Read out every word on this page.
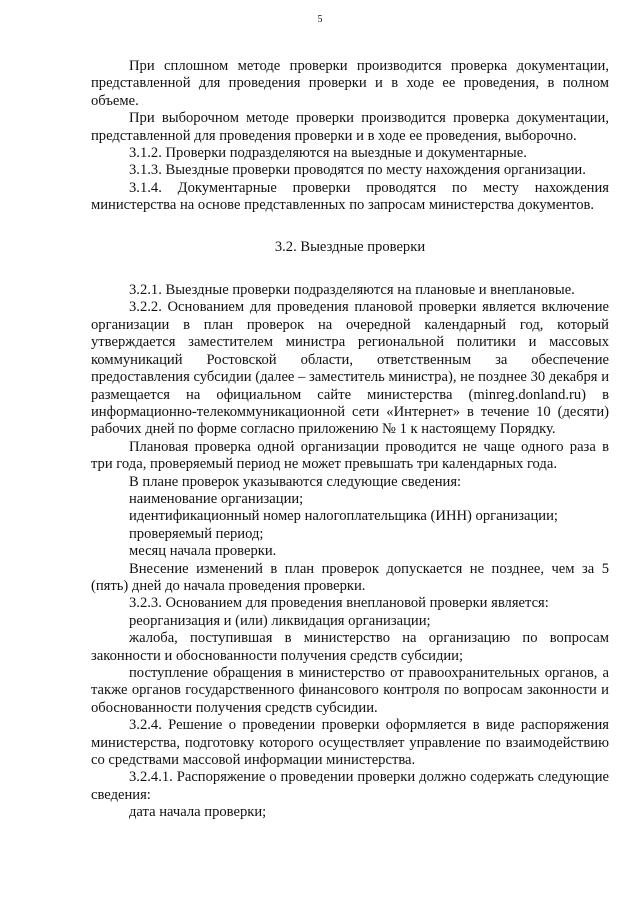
5

При сплошном методе проверки производится проверка документации, представленной для проведения проверки и в ходе ее проведения, в полном объеме.

При выборочном методе проверки производится проверка документации, представленной для проведения проверки и в ходе ее проведения, выборочно.

3.1.2. Проверки подразделяются на выездные и документарные.

3.1.3. Выездные проверки проводятся по месту нахождения организации.

3.1.4. Документарные проверки проводятся по месту нахождения министерства на основе представленных по запросам министерства документов.

3.2. Выездные проверки

3.2.1. Выездные проверки подразделяются на плановые и внеплановые.

3.2.2. Основанием для проведения плановой проверки является включение организации в план проверок на очередной календарный год, который утверждается заместителем министра региональной политики и массовых коммуникаций Ростовской области, ответственным за обеспечение предоставления субсидии (далее – заместитель министра), не позднее 30 декабря и размещается на официальном сайте министерства (minreg.donland.ru) в информационно-телекоммуникационной сети «Интернет» в течение 10 (десяти) рабочих дней по форме согласно приложению № 1 к настоящему Порядку.

Плановая проверка одной организации проводится не чаще одного раза в три года, проверяемый период не может превышать три календарных года.

В плане проверок указываются следующие сведения:

наименование организации;

идентификационный номер налогоплательщика (ИНН) организации;

проверяемый период;

месяц начала проверки.

Внесение изменений в план проверок допускается не позднее, чем за 5 (пять) дней до начала проведения проверки.

3.2.3. Основанием для проведения внеплановой проверки является:

реорганизация и (или) ликвидация организации;

жалоба, поступившая в министерство на организацию по вопросам законности и обоснованности получения средств субсидии;

поступление обращения в министерство от правоохранительных органов, а также органов государственного финансового контроля по вопросам законности и обоснованности получения средств субсидии.

3.2.4. Решение о проведении проверки оформляется в виде распоряжения министерства, подготовку которого осуществляет управление по взаимодействию со средствами массовой информации министерства.

3.2.4.1. Распоряжение о проведении проверки должно содержать следующие сведения:

дата начала проверки;
